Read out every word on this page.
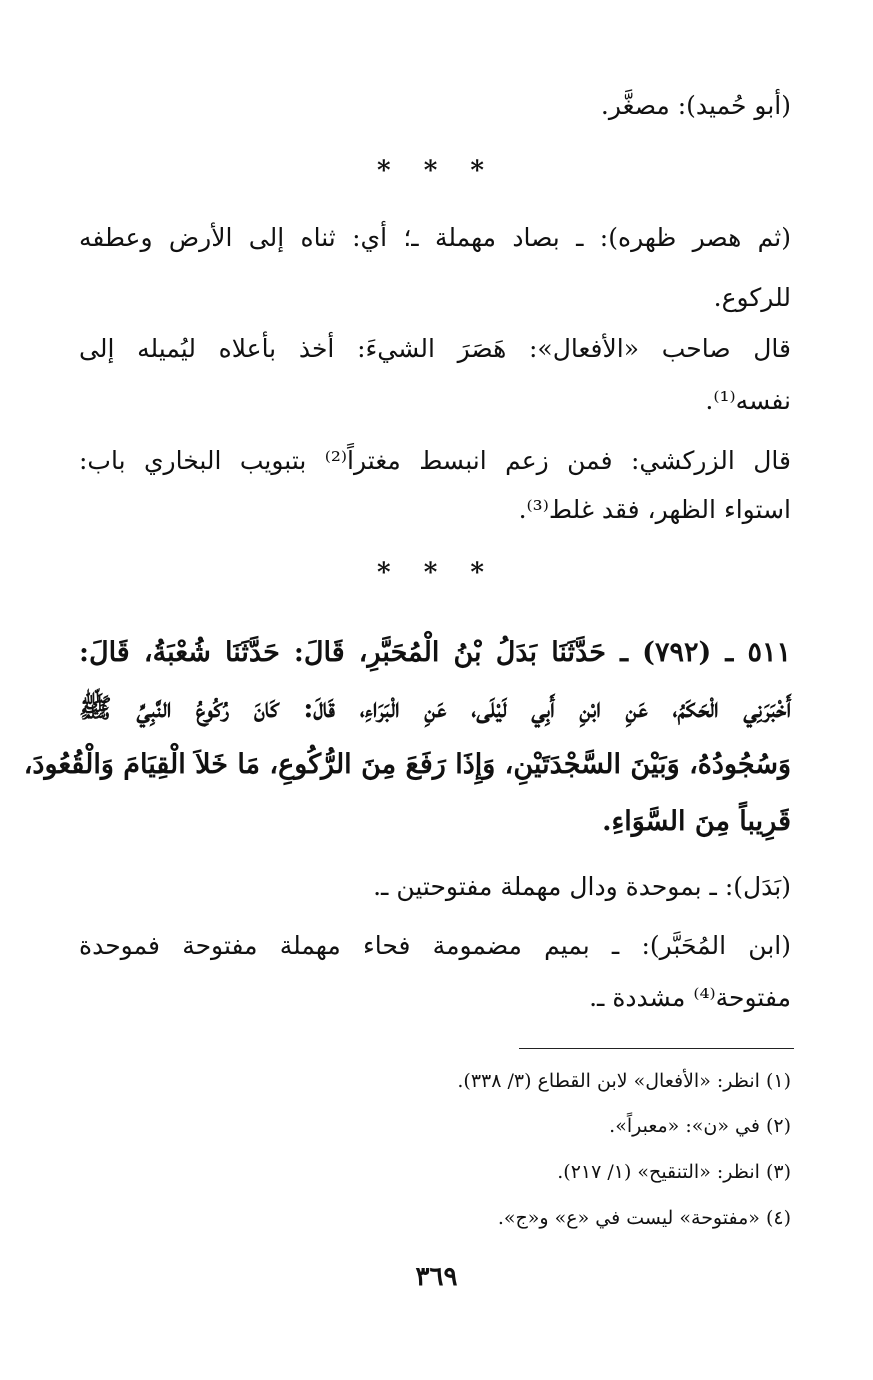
(أبو حُميد): مصغَّر.
* * *
(ثم هصر ظهره): ـ بصاد مهملة ـ؛ أي: ثناه إلى الأرض وعطفه
للركوع.
قال صاحب «الأفعال»: هَصَرَ الشيءَ: أخذ بأعلاه ليُميله إلى
نفسه⁽¹⁾.
قال الزركشي: فمن زعم انبسط مغتراً⁽²⁾ بتبويب البخاري باب:
استواء الظهر، فقد غلط⁽³⁾.
* * *
٥١١ ـ (٧٩٢) ـ حَدَّثَنَا بَدَلُ بْنُ الْمُحَبَّرِ، قَالَ: حَدَّثَنَا شُعْبَةُ، قَالَ:
أَخْبَرَنِي الْحَكَمُ، عَنِ ابْنِ أَبِي لَيْلَى، عَنِ الْبَرَاءِ، قَالَ: كَانَ رُكُوعُ النَّبِيِّ ﷺ
وَسُجُودُهُ، وَبَيْنَ السَّجْدَتَيْنِ، وَإِذَا رَفَعَ مِنَ الرُّكُوعِ، مَا خَلاَ الْقِيَامَ وَالْقُعُودَ،
قَرِيباً مِنَ السَّوَاءِ.
(بَدَل): ـ بموحدة ودال مهملة مفتوحتين ـ.
(ابن المُحَبَّر): ـ بميم مضمومة فحاء مهملة مفتوحة فموحدة
مفتوحة⁽⁴⁾ مشددة ـ.
(١) انظر: «الأفعال» لابن القطاع (٣/ ٣٣٨).
(٢) في «ن»: «معبراً».
(٣) انظر: «التنقيح» (١/ ٢١٧).
(٤) «مفتوحة» ليست في «ع» و«ج».
٣٦٩
